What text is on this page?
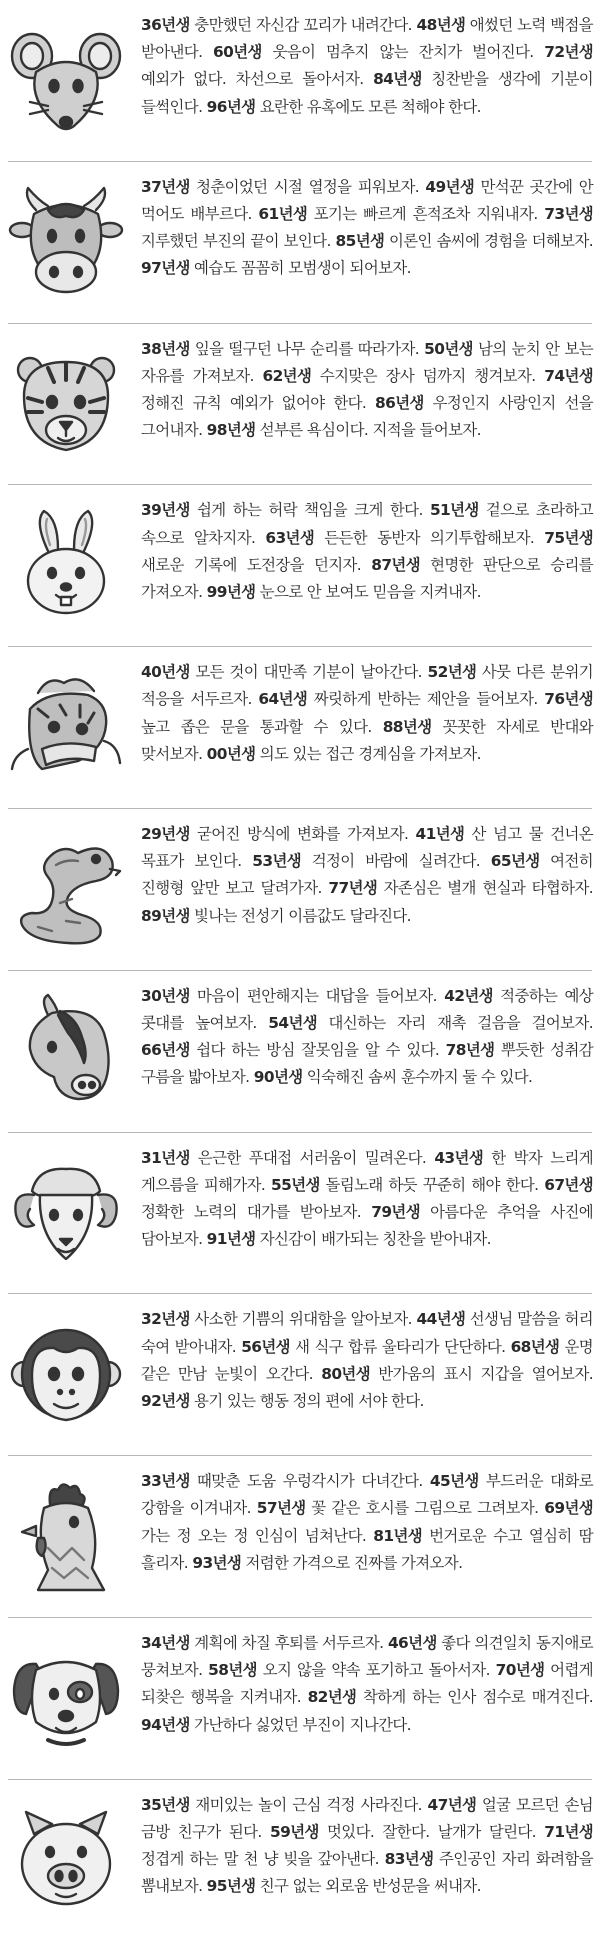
36년생 충만했던 자신감 꼬리가 내려간다. 48년생 애썼던 노력 백점을 받아낸다. 60년생 웃음이 멈추지 않는 잔치가 벌어진다. 72년생 예외가 없다. 차선으로 돌아서자. 84년생 칭찬받을 생각에 기분이 들썩인다. 96년생 요란한 유혹에도 모른 척해야 한다.

37년생 청춘이었던 시절 열정을 피워보자. 49년생 만석꾼 곳간에 안 먹어도 배부르다. 61년생 포기는 빠르게 흔적조차 지워내자. 73년생 지루했던 부진의 끝이 보인다. 85년생 이론인 솜씨에 경험을 더해보자. 97년생 예습도 꼼꼼히 모범생이 되어보자.

38년생 잎을 떨구던 나무 순리를 따라가자. 50년생 남의 눈치 안 보는 자유를 가져보자. 62년생 수지맞은 장사 덤까지 챙겨보자. 74년생 정해진 규칙 예외가 없어야 한다. 86년생 우정인지 사랑인지 선을 그어내자. 98년생 섣부른 욕심이다. 지적을 들어보자.

39년생 쉽게 하는 허락 책임을 크게 한다. 51년생 겉으로 초라하고 속으로 알차지자. 63년생 든든한 동반자 의기투합해보자. 75년생 새로운 기록에 도전장을 던지자. 87년생 현명한 판단으로 승리를 가져오자. 99년생 눈으로 안 보여도 믿음을 지켜내자.

40년생 모든 것이 대만족 기분이 날아간다. 52년생 사뭇 다른 분위기 적응을 서두르자. 64년생 짜릿하게 반하는 제안을 들어보자. 76년생 높고 좁은 문을 통과할 수 있다. 88년생 꼿꼿한 자세로 반대와 맞서보자. 00년생 의도 있는 접근 경계심을 가져보자.

29년생 굳어진 방식에 변화를 가져보자. 41년생 산 넘고 물 건너온 목표가 보인다. 53년생 걱정이 바람에 실려간다. 65년생 여전히 진행형 앞만 보고 달려가자. 77년생 자존심은 별개 현실과 타협하자. 89년생 빛나는 전성기 이름값도 달라진다.

30년생 마음이 편안해지는 대답을 들어보자. 42년생 적중하는 예상 콧대를 높여보자. 54년생 대신하는 자리 재촉 걸음을 걸어보자. 66년생 쉽다 하는 방심 잘못임을 알 수 있다. 78년생 뿌듯한 성취감 구름을 밟아보자. 90년생 익숙해진 솜씨 훈수까지 둘 수 있다.

31년생 은근한 푸대접 서러움이 밀려온다. 43년생 한 박자 느리게 게으름을 피해가자. 55년생 돌림노래 하듯 꾸준히 해야 한다. 67년생 정확한 노력의 대가를 받아보자. 79년생 아름다운 추억을 사진에 담아보자. 91년생 자신감이 배가되는 칭찬을 받아내자.

32년생 사소한 기쁨의 위대함을 알아보자. 44년생 선생님 말씀을 허리 숙여 받아내자. 56년생 새 식구 합류 울타리가 단단하다. 68년생 운명 같은 만남 눈빛이 오간다. 80년생 반가움의 표시 지갑을 열어보자. 92년생 용기 있는 행동 정의 편에 서야 한다.

33년생 때맞춘 도움 우렁각시가 다녀간다. 45년생 부드러운 대화로 강함을 이겨내자. 57년생 꽃 같은 호시를 그림으로 그려보자. 69년생 가는 정 오는 정 인심이 넘쳐난다. 81년생 번거로운 수고 열심히 땀 흘리자. 93년생 저렴한 가격으로 진짜를 가져오자.

34년생 계획에 차질 후퇴를 서두르자. 46년생 좋다 의견일치 동지애로 뭉쳐보자. 58년생 오지 않을 약속 포기하고 돌아서자. 70년생 어렵게 되찾은 행복을 지켜내자. 82년생 착하게 하는 인사 점수로 매겨진다. 94년생 가난하다 싫었던 부진이 지나간다.

35년생 재미있는 놀이 근심 걱정 사라진다. 47년생 얼굴 모르던 손님 금방 친구가 된다. 59년생 멋있다. 잘한다. 날개가 달린다. 71년생 정겹게 하는 말 천 냥 빚을 갚아낸다. 83년생 주인공인 자리 화려함을 뽐내보자. 95년생 친구 없는 외로움 반성문을 써내자.
